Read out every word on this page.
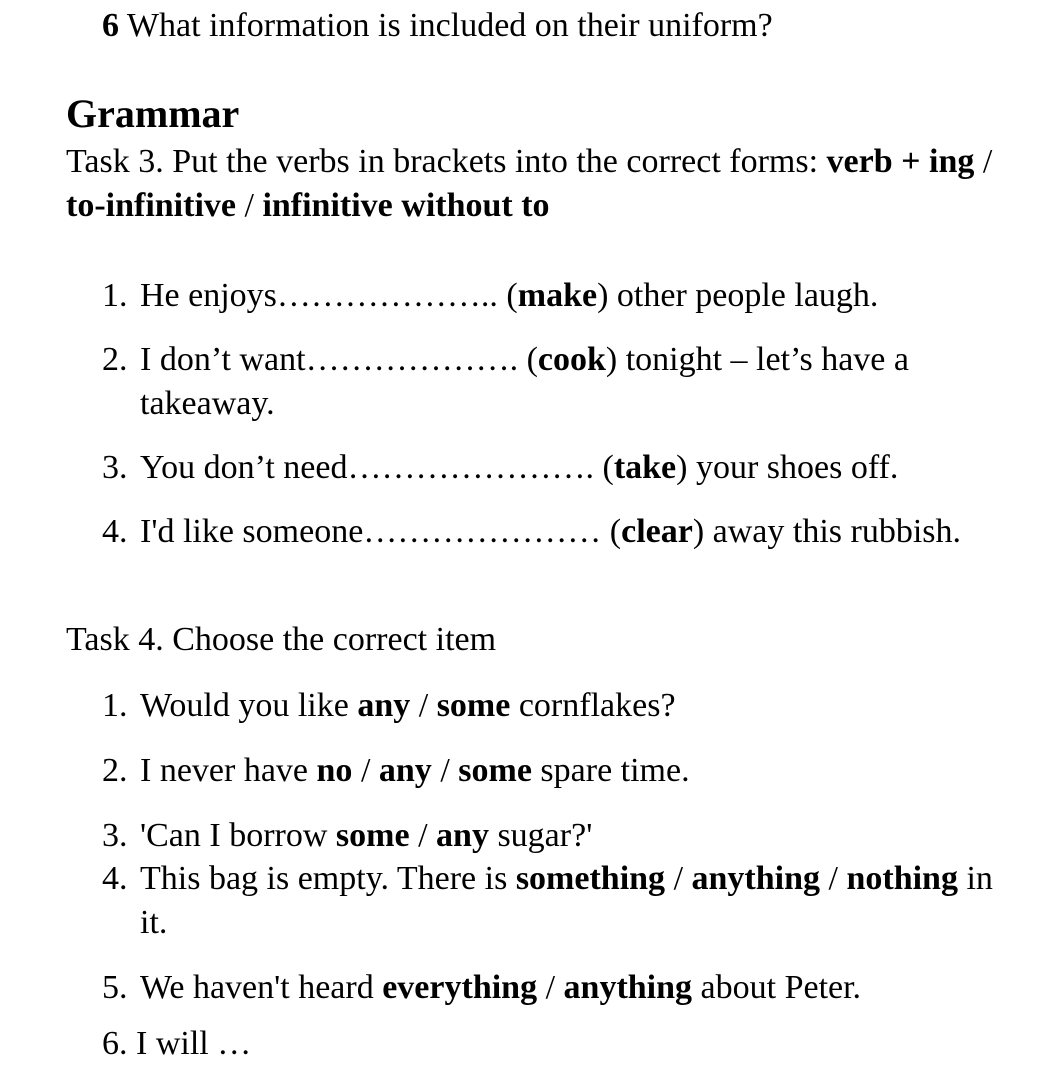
6 What information is included on their uniform?
Grammar
Task 3. Put the verbs in brackets into the correct forms: verb + ing / to-infinitive / infinitive without to
1. He enjoys……………….. (make) other people laugh.
2. I don’t want………………. (cook) tonight – let’s have a takeaway.
3. You don’t need…………………. (take) your shoes off.
4. I'd like someone………………… (clear) away this rubbish.
Task 4. Choose the correct item
1. Would you like any / some cornflakes?
2. I never have no / any / some spare time.
3. 'Can I borrow some / any sugar?'
4. This bag is empty. There is something / anything / nothing in it.
5. We haven't heard everything / anything about Peter.
6. I will …
